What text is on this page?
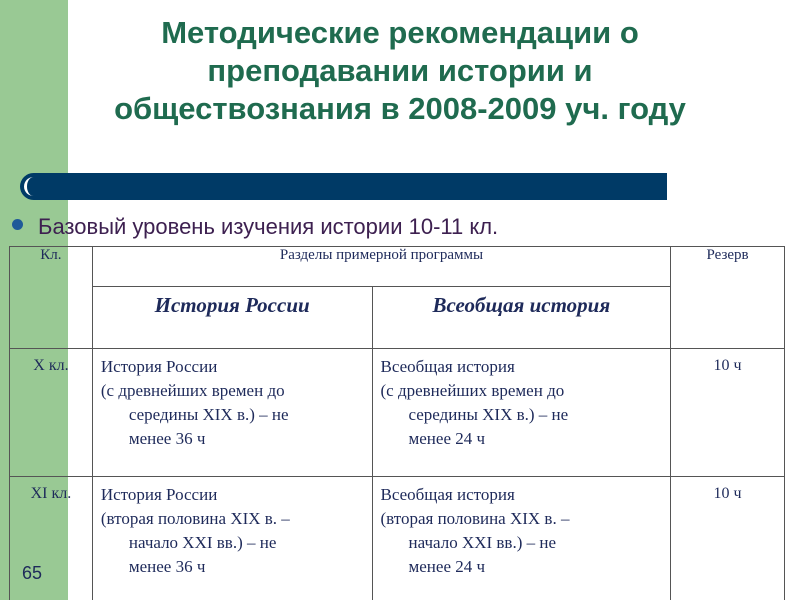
Методические рекомендации о
преподавании истории и
обществознания в 2008-2009 уч. году
Базовый уровень изучения истории 10-11 кл.
Кл.	Разделы примерной программы		Резерв
	История России	Всеобщая история	
X кл.	История России
(с древнейших времен до
середины XIX в.) – не
менее 36 ч	Всеобщая история
(с древнейших времен до
середины XIX в.) – не
менее 24 ч	10 ч
XI кл.	История России
(вторая половина XIX в. –
начало XXI вв.) – не
менее 36 ч	Всеобщая история
(вторая половина XIX в. –
начало XXI вв.) – не
менее 24 ч	10 ч
65
